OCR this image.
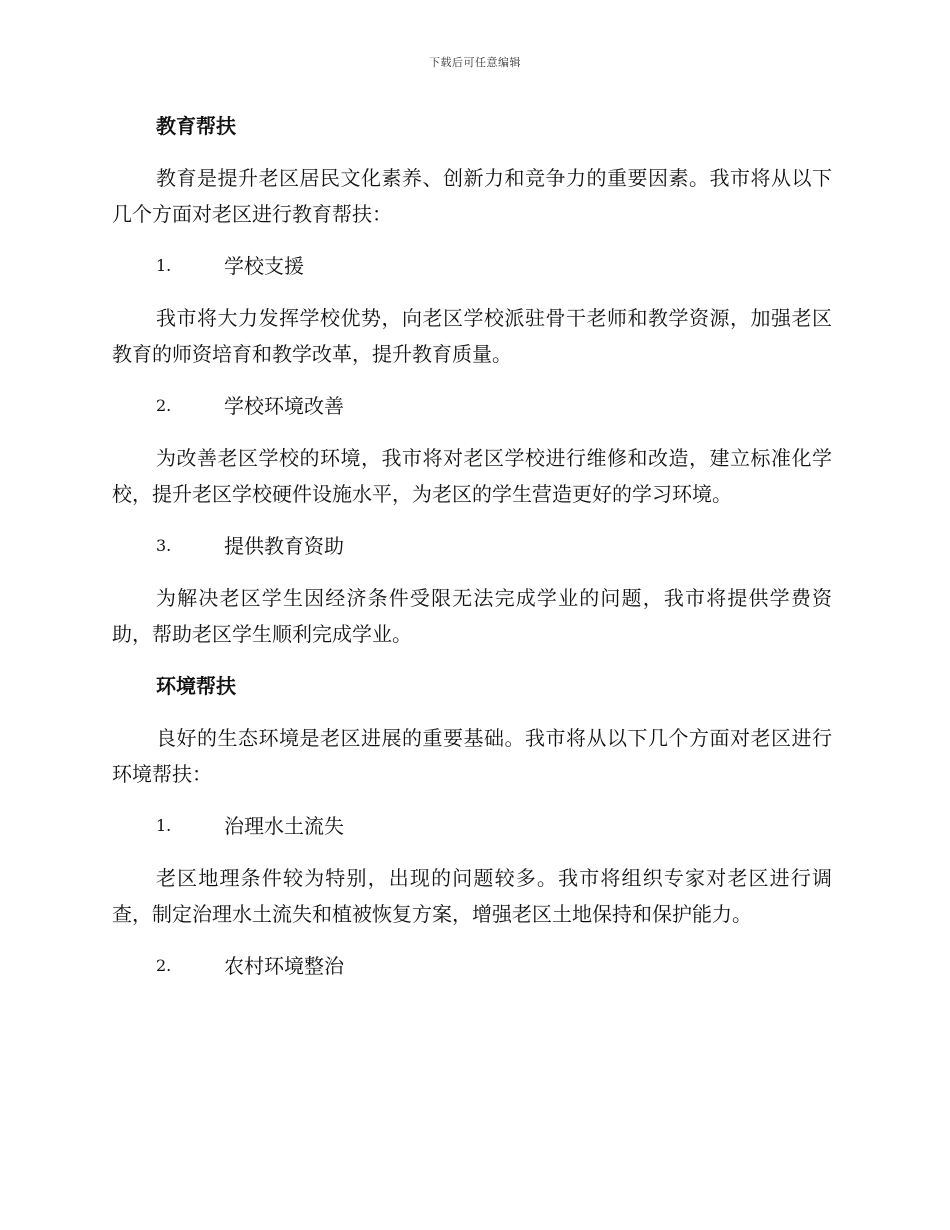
下载后可任意编辑
教育帮扶
教育是提升老区居民文化素养、创新力和竞争力的重要因素。我市将从以下几个方面对老区进行教育帮扶：
1.	学校支援
我市将大力发挥学校优势，向老区学校派驻骨干老师和教学资源，加强老区教育的师资培育和教学改革，提升教育质量。
2.	学校环境改善
为改善老区学校的环境，我市将对老区学校进行维修和改造，建立标准化学校，提升老区学校硬件设施水平，为老区的学生营造更好的学习环境。
3.	提供教育资助
为解决老区学生因经济条件受限无法完成学业的问题，我市将提供学费资助，帮助老区学生顺利完成学业。
环境帮扶
良好的生态环境是老区进展的重要基础。我市将从以下几个方面对老区进行环境帮扶：
1.	治理水土流失
老区地理条件较为特别，出现的问题较多。我市将组织专家对老区进行调查，制定治理水土流失和植被恢复方案，增强老区土地保持和保护能力。
2.	农村环境整治
